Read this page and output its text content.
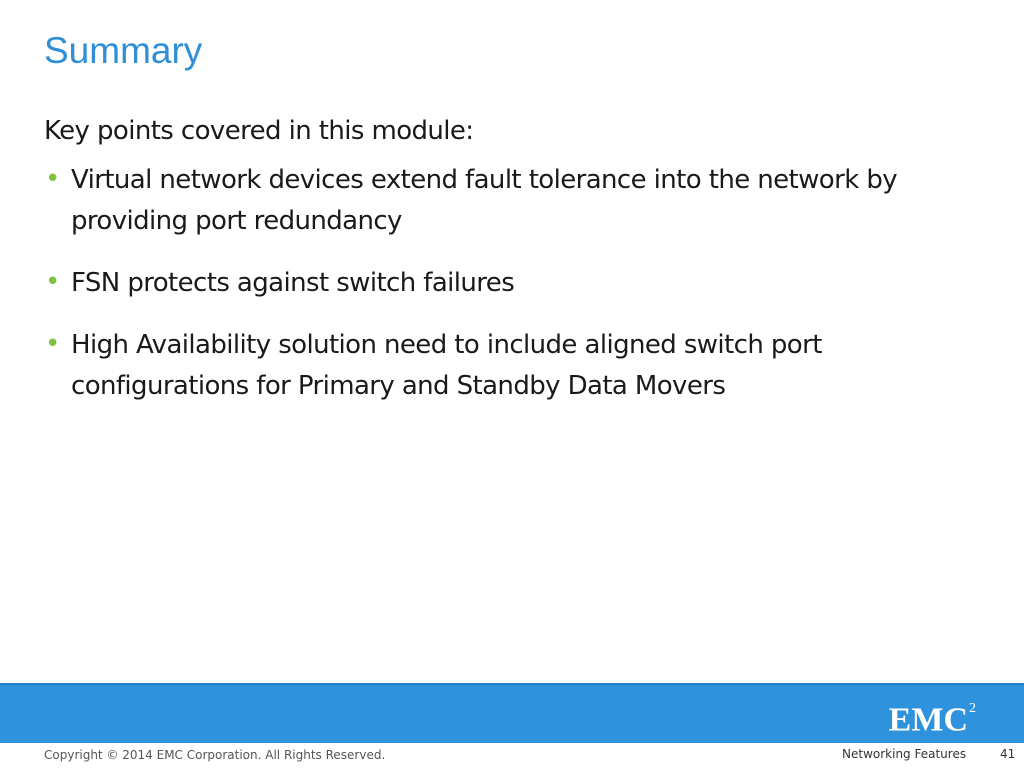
Summary

Key points covered in this module:

• Virtual network devices extend fault tolerance into the network by providing port redundancy
• FSN protects against switch failures
• High Availability solution need to include aligned switch port configurations for Primary and Standby Data Movers
EMC$^2$
Copyright © 2014 EMC Corporation. All Rights Reserved.	Networking Features	41
